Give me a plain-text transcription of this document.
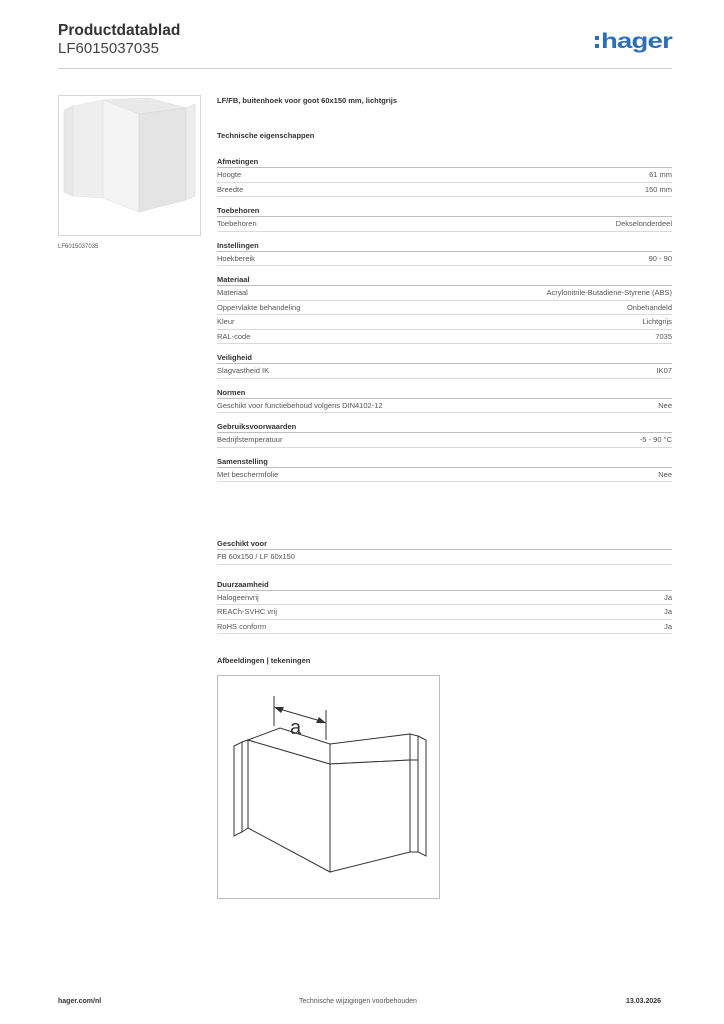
Productdatablad
LF6015037035	hager
LF6015037035
LF/FB, buitenhoek voor goot 60x150 mm, lichtgrijs
Technische eigenschappen
Afmetingen
Hoogte	61 mm
Breedte	150 mm
Toebehoren
Toebehoren	Dekselonderdeel
Instellingen
Hoekbereik	90 - 90
Materiaal
Materiaal	Acrylonitrile-Butadiene-Styrene (ABS)
Oppervlakte behandeling	Onbehandeld
Kleur	Lichtgrijs
RAL-code	7035
Veiligheid
Slagvastheid IK	IK07
Normen
Geschikt voor functiebehoud volgens DIN4102-12	Nee
Gebruiksvoorwaarden
Bedrijfstemperatuur	-5 - 90 °C
Samenstelling
Met beschermfolie	Nee
Geschikt voor
FB 60x150 / LF 60x150
Duurzaamheid
Halogeenvrij	Ja
REACh-SVHC vrij	Ja
RoHS conform	Ja
Afbeeldingen | tekeningen
a
hager.com/nl	Technische wijzigingen voorbehouden	13.03.2026
